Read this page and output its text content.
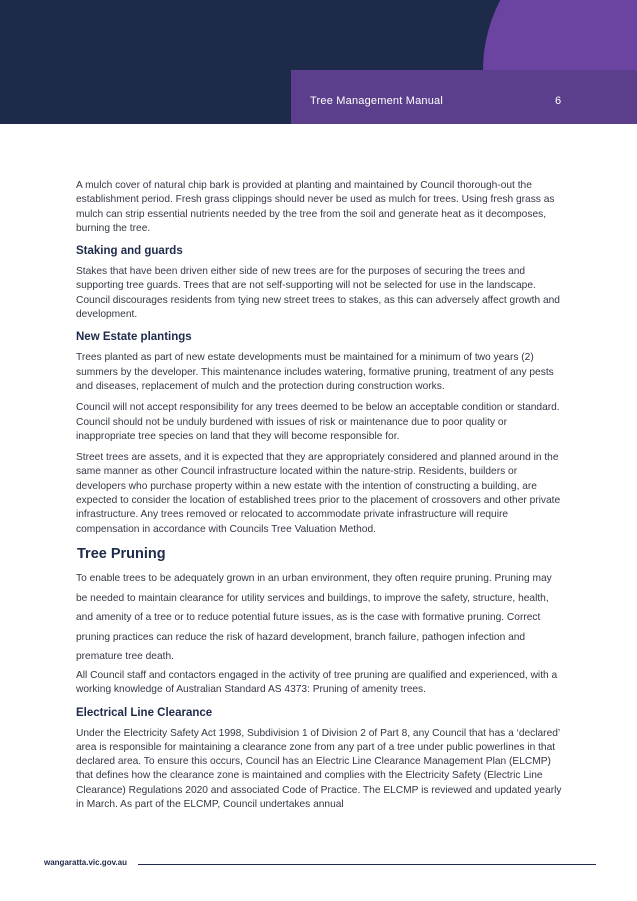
Tree Management Manual	6

A mulch cover of natural chip bark is provided at planting and maintained by Council thorough-out the establishment period. Fresh grass clippings should never be used as mulch for trees. Using fresh grass as mulch can strip essential nutrients needed by the tree from the soil and generate heat as it decomposes, burning the tree.

Staking and guards

Stakes that have been driven either side of new trees are for the purposes of securing the trees and supporting tree guards. Trees that are not self-supporting will not be selected for use in the landscape. Council discourages residents from tying new street trees to stakes, as this can adversely affect growth and development.

New Estate plantings

Trees planted as part of new estate developments must be maintained for a minimum of two years (2) summers by the developer. This maintenance includes watering, formative pruning, treatment of any pests and diseases, replacement of mulch and the protection during construction works.

Council will not accept responsibility for any trees deemed to be below an acceptable condition or standard. Council should not be unduly burdened with issues of risk or maintenance due to poor quality or inappropriate tree species on land that they will become responsible for.

Street trees are assets, and it is expected that they are appropriately considered and planned around in the same manner as other Council infrastructure located within the nature-strip. Residents, builders or developers who purchase property within a new estate with the intention of constructing a building, are expected to consider the location of established trees prior to the placement of crossovers and other private infrastructure. Any trees removed or relocated to accommodate private infrastructure will require compensation in accordance with Councils Tree Valuation Method.

Tree Pruning

To enable trees to be adequately grown in an urban environment, they often require pruning. Pruning may be needed to maintain clearance for utility services and buildings, to improve the safety, structure, health, and amenity of a tree or to reduce potential future issues, as is the case with formative pruning. Correct pruning practices can reduce the risk of hazard development, branch failure, pathogen infection and premature tree death.

All Council staff and contactors engaged in the activity of tree pruning are qualified and experienced, with a working knowledge of Australian Standard AS 4373: Pruning of amenity trees.

Electrical Line Clearance

Under the Electricity Safety Act 1998, Subdivision 1 of Division 2 of Part 8, any Council that has a ‘declared’ area is responsible for maintaining a clearance zone from any part of a tree under public powerlines in that declared area. To ensure this occurs, Council has an Electric Line Clearance Management Plan (ELCMP) that defines how the clearance zone is maintained and complies with the Electricity Safety (Electric Line Clearance) Regulations 2020 and associated Code of Practice. The ELCMP is reviewed and updated yearly in March. As part of the ELCMP, Council undertakes annual

wangaratta.vic.gov.au
